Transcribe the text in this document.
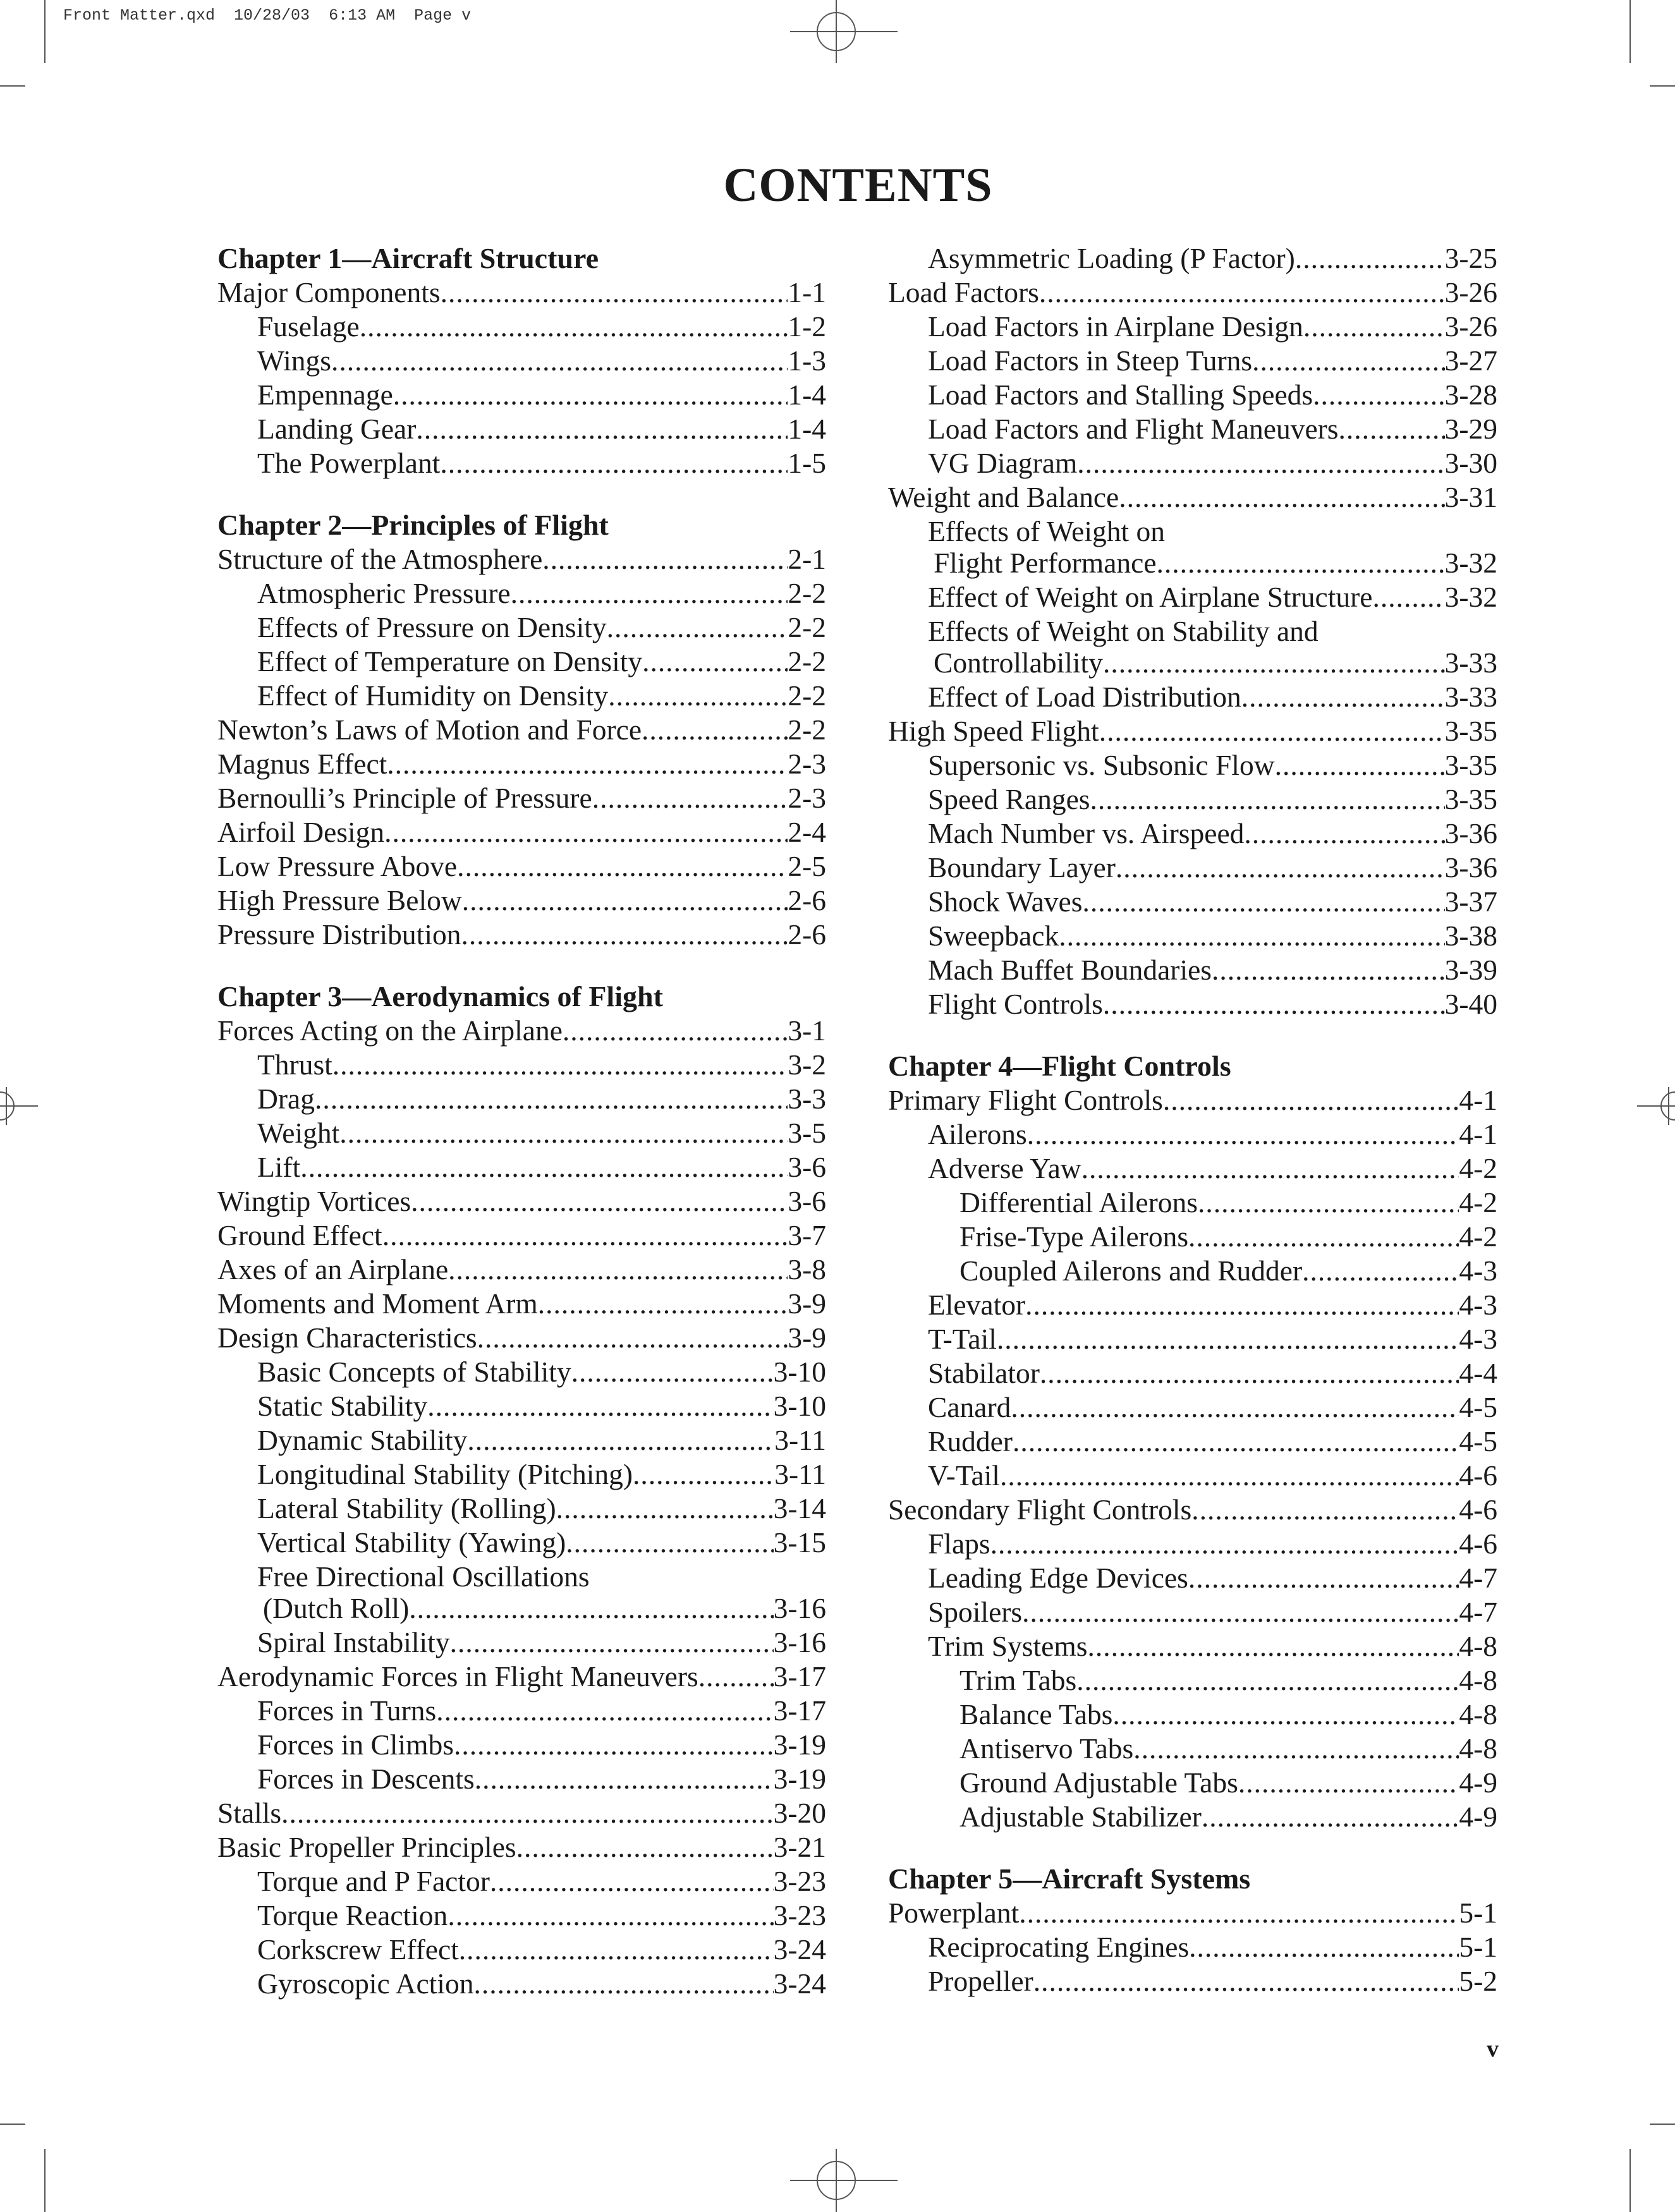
Front Matter.qxd  10/28/03  6:13 AM  Page v
CONTENTS
Chapter 1—Aircraft Structure
Major Components .....	1-1
Fuselage .....	1-2
Wings .....	1-3
Empennage .....	1-4
Landing Gear .....	1-4
The Powerplant .....	1-5
Chapter 2—Principles of Flight
Structure of the Atmosphere .....	2-1
Atmospheric Pressure .....	2-2
Effects of Pressure on Density .....	2-2
Effect of Temperature on Density .....	2-2
Effect of Humidity on Density .....	2-2
Newton’s Laws of Motion and Force .....	2-2
Magnus Effect .....	2-3
Bernoulli’s Principle of Pressure .....	2-3
Airfoil Design .....	2-4
Low Pressure Above .....	2-5
High Pressure Below .....	2-6
Pressure Distribution .....	2-6
Chapter 3—Aerodynamics of Flight
Forces Acting on the Airplane .....	3-1
Thrust .....	3-2
Drag .....	3-3
Weight .....	3-5
Lift .....	3-6
Wingtip Vortices .....	3-6
Ground Effect .....	3-7
Axes of an Airplane .....	3-8
Moments and Moment Arm .....	3-9
Design Characteristics .....	3-9
Basic Concepts of Stability .....	3-10
Static Stability .....	3-10
Dynamic Stability .....	3-11
Longitudinal Stability (Pitching) .....	3-11
Lateral Stability (Rolling) .....	3-14
Vertical Stability (Yawing) .....	3-15
Free Directional Oscillations
(Dutch Roll) .....	3-16
Spiral Instability .....	3-16
Aerodynamic Forces in Flight Maneuvers .....	3-17
Forces in Turns .....	3-17
Forces in Climbs .....	3-19
Forces in Descents .....	3-19
Stalls .....	3-20
Basic Propeller Principles .....	3-21
Torque and P Factor .....	3-23
Torque Reaction .....	3-23
Corkscrew Effect .....	3-24
Gyroscopic Action .....	3-24
Asymmetric Loading (P Factor) .....	3-25
Load Factors .....	3-26
Load Factors in Airplane Design .....	3-26
Load Factors in Steep Turns .....	3-27
Load Factors and Stalling Speeds .....	3-28
Load Factors and Flight Maneuvers .....	3-29
VG Diagram .....	3-30
Weight and Balance .....	3-31
Effects of Weight on
Flight Performance .....	3-32
Effect of Weight on Airplane Structure .....	3-32
Effects of Weight on Stability and
Controllability .....	3-33
Effect of Load Distribution .....	3-33
High Speed Flight .....	3-35
Supersonic vs. Subsonic Flow .....	3-35
Speed Ranges .....	3-35
Mach Number vs. Airspeed .....	3-36
Boundary Layer .....	3-36
Shock Waves .....	3-37
Sweepback .....	3-38
Mach Buffet Boundaries .....	3-39
Flight Controls .....	3-40
Chapter 4—Flight Controls
Primary Flight Controls .....	4-1
Ailerons .....	4-1
Adverse Yaw .....	4-2
Differential Ailerons .....	4-2
Frise-Type Ailerons .....	4-2
Coupled Ailerons and Rudder .....	4-3
Elevator .....	4-3
T-Tail .....	4-3
Stabilator .....	4-4
Canard .....	4-5
Rudder .....	4-5
V-Tail .....	4-6
Secondary Flight Controls .....	4-6
Flaps .....	4-6
Leading Edge Devices .....	4-7
Spoilers .....	4-7
Trim Systems .....	4-8
Trim Tabs .....	4-8
Balance Tabs .....	4-8
Antiservo Tabs .....	4-8
Ground Adjustable Tabs .....	4-9
Adjustable Stabilizer .....	4-9
Chapter 5—Aircraft Systems
Powerplant .....	5-1
Reciprocating Engines .....	5-1
Propeller .....	5-2
v
